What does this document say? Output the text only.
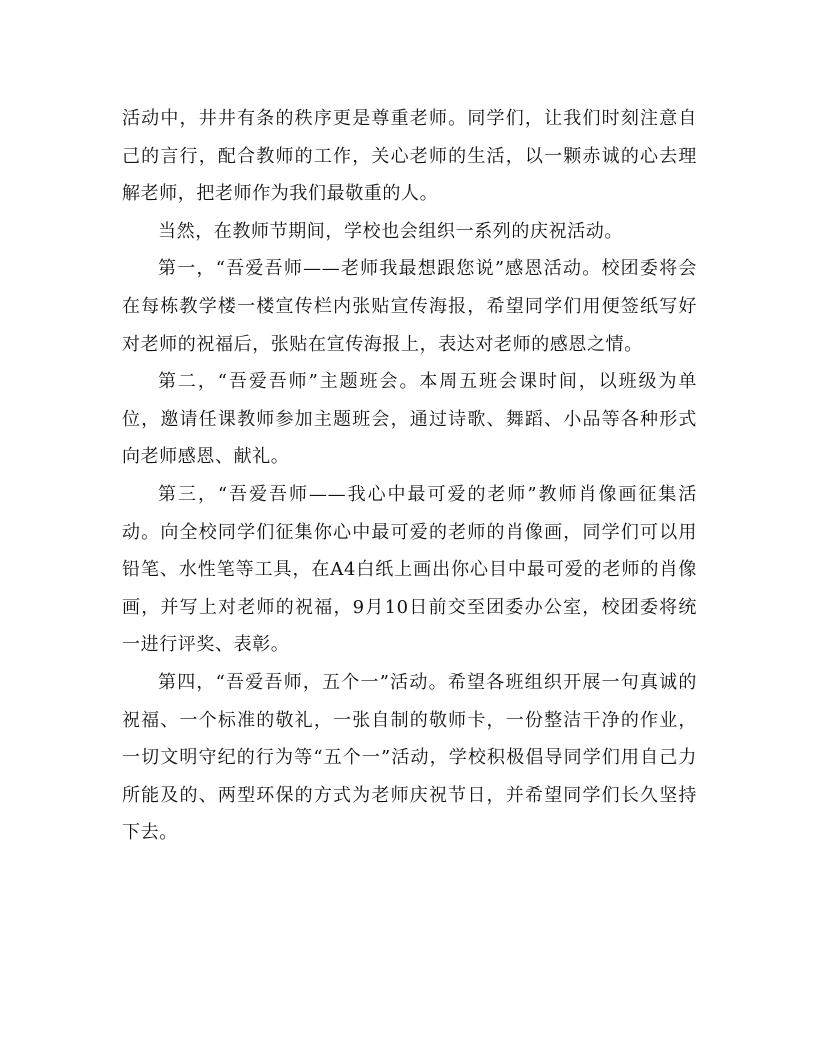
活动中，井井有条的秩序更是尊重老师。同学们，让我们时刻注意自己的言行，配合教师的工作，关心老师的生活，以一颗赤诚的心去理解老师，把老师作为我们最敬重的人。

当然，在教师节期间，学校也会组织一系列的庆祝活动。

第一，“吾爱吾师——老师我最想跟您说”感恩活动。校团委将会在每栋教学楼一楼宣传栏内张贴宣传海报，希望同学们用便签纸写好对老师的祝福后，张贴在宣传海报上，表达对老师的感恩之情。

第二，“吾爱吾师”主题班会。本周五班会课时间，以班级为单位，邀请任课教师参加主题班会，通过诗歌、舞蹈、小品等各种形式向老师感恩、献礼。

第三，“吾爱吾师——我心中最可爱的老师”教师肖像画征集活动。向全校同学们征集你心中最可爱的老师的肖像画，同学们可以用铅笔、水性笔等工具，在A4白纸上画出你心目中最可爱的老师的肖像画，并写上对老师的祝福，9月10日前交至团委办公室，校团委将统一进行评奖、表彰。

第四，“吾爱吾师，五个一”活动。希望各班组织开展一句真诚的祝福、一个标准的敬礼，一张自制的敬师卡，一份整洁干净的作业，一切文明守纪的行为等“五个一”活动，学校积极倡导同学们用自己力所能及的、两型环保的方式为老师庆祝节日，并希望同学们长久坚持下去。
